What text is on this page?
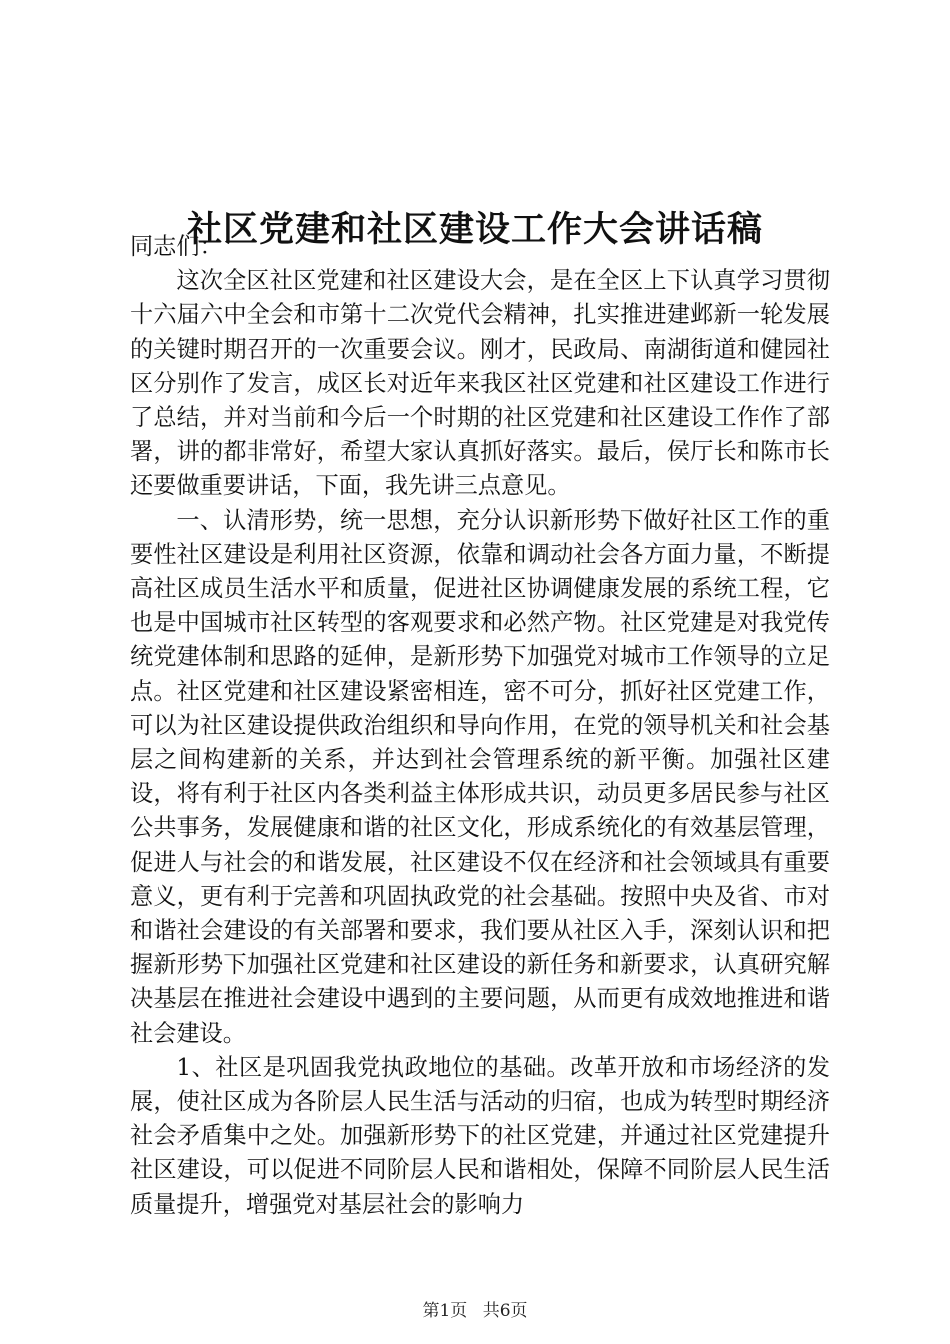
社区党建和社区建设工作大会讲话稿

同志们：

这次全区社区党建和社区建设大会，是在全区上下认真学习贯彻十六届六中全会和市第十二次党代会精神，扎实推进建邺新一轮发展的关键时期召开的一次重要会议。刚才，民政局、南湖街道和健园社区分别作了发言，成区长对近年来我区社区党建和社区建设工作进行了总结，并对当前和今后一个时期的社区党建和社区建设工作作了部署，讲的都非常好，希望大家认真抓好落实。最后，侯厅长和陈市长还要做重要讲话，下面，我先讲三点意见。

一、认清形势，统一思想，充分认识新形势下做好社区工作的重要性社区建设是利用社区资源，依靠和调动社会各方面力量，不断提高社区成员生活水平和质量，促进社区协调健康发展的系统工程，它也是中国城市社区转型的客观要求和必然产物。社区党建是对我党传统党建体制和思路的延伸，是新形势下加强党对城市工作领导的立足点。社区党建和社区建设紧密相连，密不可分，抓好社区党建工作，可以为社区建设提供政治组织和导向作用，在党的领导机关和社会基层之间构建新的关系，并达到社会管理系统的新平衡。加强社区建设，将有利于社区内各类利益主体形成共识，动员更多居民参与社区公共事务，发展健康和谐的社区文化，形成系统化的有效基层管理，促进人与社会的和谐发展，社区建设不仅在经济和社会领域具有重要意义，更有利于完善和巩固执政党的社会基础。按照中央及省、市对和谐社会建设的有关部署和要求，我们要从社区入手，深刻认识和把握新形势下加强社区党建和社区建设的新任务和新要求，认真研究解决基层在推进社会建设中遇到的主要问题，从而更有成效地推进和谐社会建设。

1、社区是巩固我党执政地位的基础。改革开放和市场经济的发展，使社区成为各阶层人民生活与活动的归宿，也成为转型时期经济社会矛盾集中之处。加强新形势下的社区党建，并通过社区党建提升社区建设，可以促进不同阶层人民和谐相处，保障不同阶层人民生活质量提升，增强党对基层社会的影响力

第1页 共6页
